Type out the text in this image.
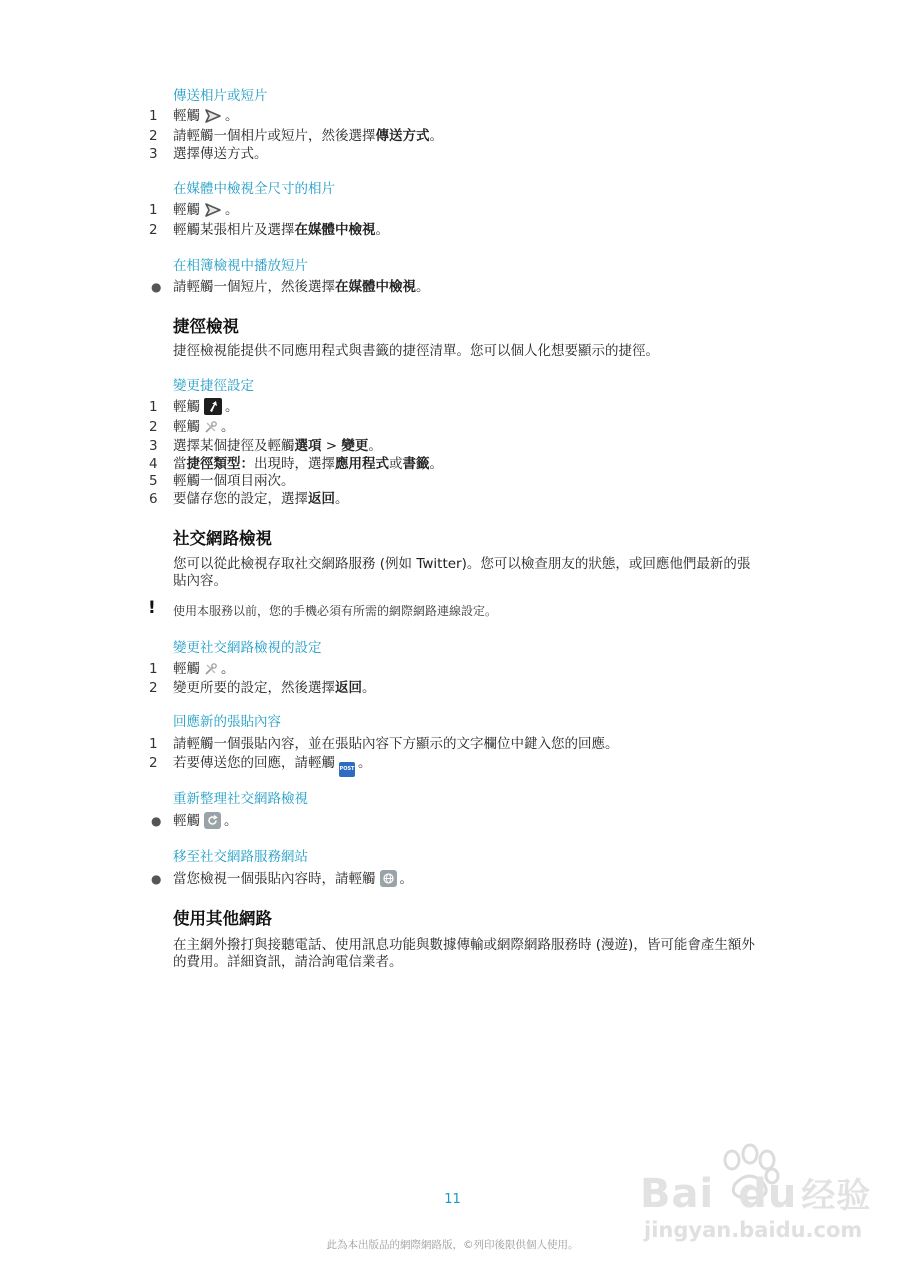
傳送相片或短片
1	輕觸 。
2	請輕觸一個相片或短片，然後選擇傳送方式。
3	選擇傳送方式。
在媒體中檢視全尺寸的相片
1	輕觸 。
2	輕觸某張相片及選擇在媒體中檢視。
在相簿檢視中播放短片
● 請輕觸一個短片，然後選擇在媒體中檢視。
捷徑檢視
捷徑檢視能提供不同應用程式與書籤的捷徑清單。您可以個人化想要顯示的捷徑。
變更捷徑設定
1	輕觸 。
2	輕觸 。
3	選擇某個捷徑及輕觸選項 > 變更。
4	當捷徑類型：出現時，選擇應用程式或書籤。
5	輕觸一個項目兩次。
6	要儲存您的設定，選擇返回。
社交網路檢視
您可以從此檢視存取社交網路服務 (例如 Twitter)。您可以檢查朋友的狀態，或回應他們最新的張貼內容。
! 使用本服務以前，您的手機必須有所需的網際網路連線設定。
變更社交網路檢視的設定
1	輕觸 。
2	變更所要的設定，然後選擇返回。
回應新的張貼內容
1	請輕觸一個張貼內容，並在張貼內容下方顯示的文字欄位中鍵入您的回應。
2	若要傳送您的回應，請輕觸 POST 。
重新整理社交網路檢視
● 輕觸 。
移至社交網路服務網站
● 當您檢視一個張貼內容時，請輕觸 。
使用其他網路
在主網外撥打與接聽電話、使用訊息功能與數據傳輸或網際網路服務時 (漫遊)，皆可能會產生額外的費用。詳細資訊，請洽詢電信業者。
11
此為本出版品的網際網路版，©列印後限供個人使用。
Bai du 经验
jingyan.baidu.com
